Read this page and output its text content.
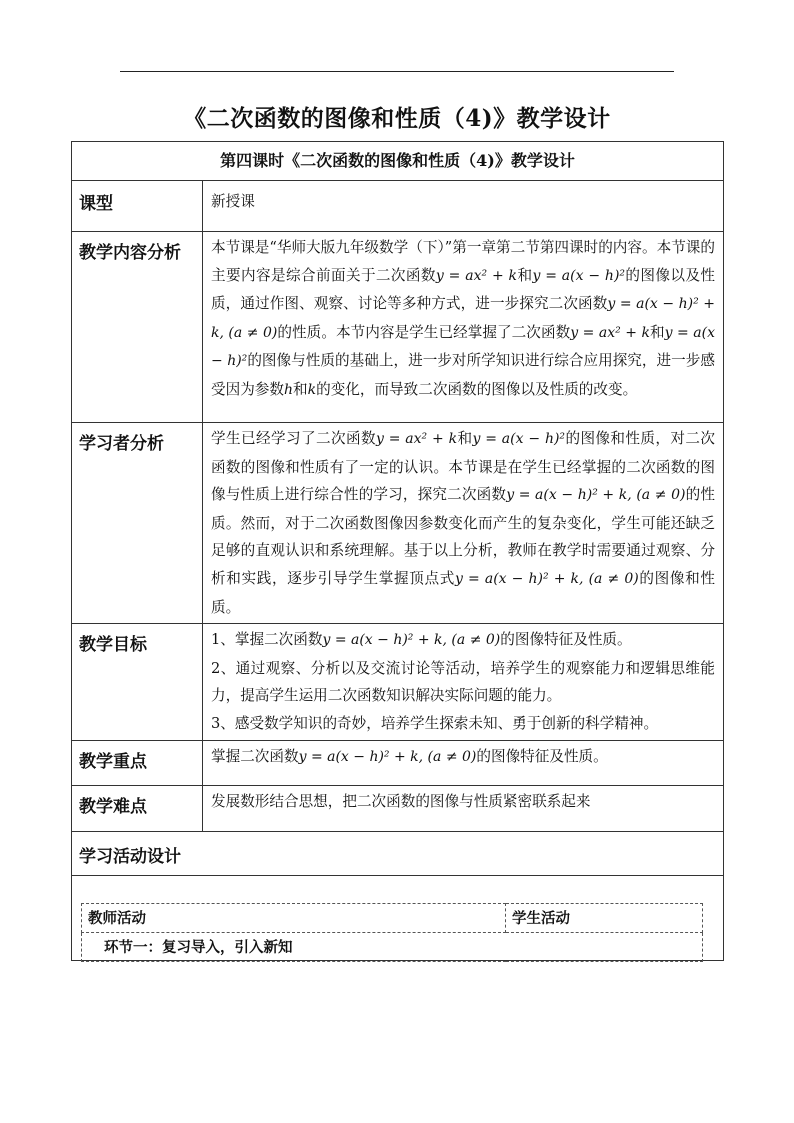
《二次函数的图像和性质（4)》教学设计
第四课时《二次函数的图像和性质（4)》教学设计
课型	新授课
教学内容分析	本节课是“华师大版九年级数学（下）”第一章第二节第四课时的内容。本节课的主要内容是综合前面关于二次函数y = ax² + k和y = a(x − h)²的图像以及性质，通过作图、观察、讨论等多种方式，进一步探究二次函数y = a(x − h)² + k, (a ≠ 0)的性质。本节内容是学生已经掌握了二次函数y = ax² + k和y = a(x − h)²的图像与性质的基础上，进一步对所学知识进行综合应用探究，进一步感受因为参数h和k的变化，而导致二次函数的图像以及性质的改变。
学习者分析	学生已经学习了二次函数y = ax² + k和y = a(x − h)²的图像和性质，对二次函数的图像和性质有了一定的认识。本节课是在学生已经掌握的二次函数的图像与性质上进行综合性的学习，探究二次函数y = a(x − h)² + k, (a ≠ 0)的性质。然而，对于二次函数图像因参数变化而产生的复杂变化，学生可能还缺乏足够的直观认识和系统理解。基于以上分析，教师在教学时需要通过观察、分析和实践，逐步引导学生掌握顶点式y = a(x − h)² + k, (a ≠ 0)的图像和性质。
教学目标	1、掌握二次函数y = a(x − h)² + k, (a ≠ 0)的图像特征及性质。
2、通过观察、分析以及交流讨论等活动，培养学生的观察能力和逻辑思维能力，提高学生运用二次函数知识解决实际问题的能力。
3、感受数学知识的奇妙，培养学生探索未知、勇于创新的科学精神。

教学重点	掌握二次函数y = a(x − h)² + k, (a ≠ 0)的图像特征及性质。
教学难点	发展数形结合思想，把二次函数的图像与性质紧密联系起来
学习活动设计

教师活动	学生活动
环节一：复习导入，引入新知
